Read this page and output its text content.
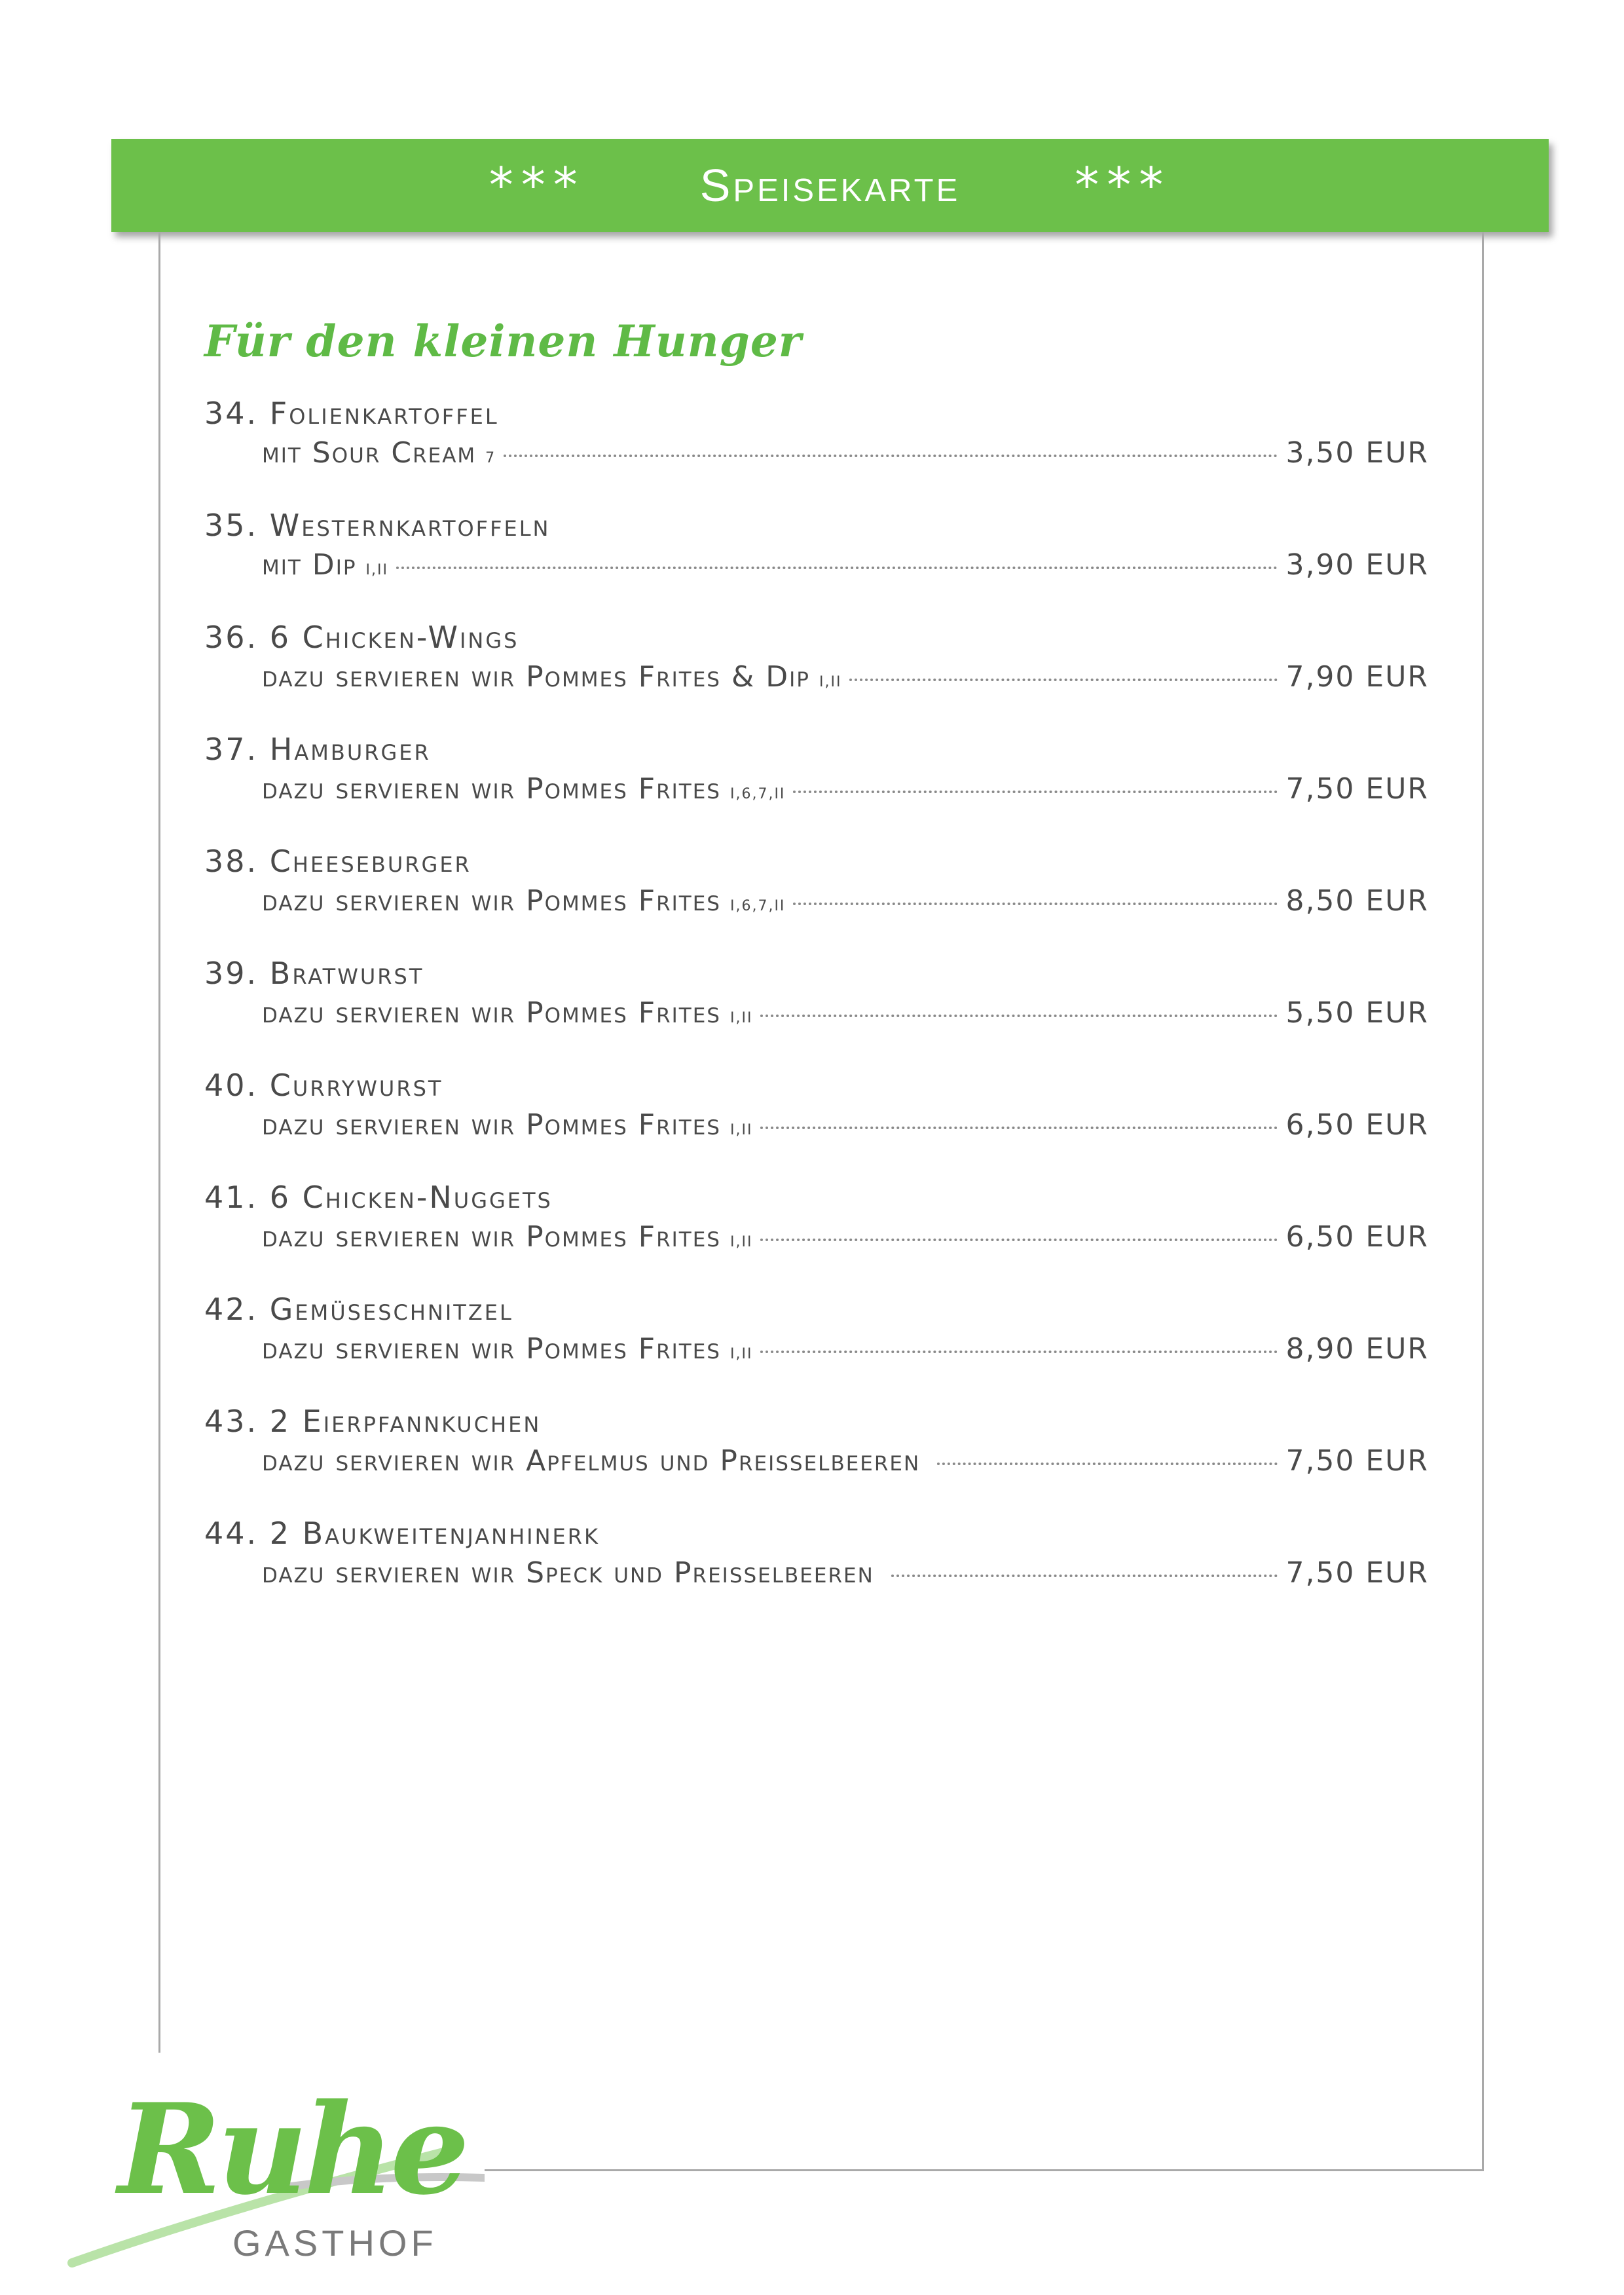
***	Speisekarte ***
Für den kleinen Hunger
34. Folienkartoffel
mit Sour Cream 7	3,50 EUR
35. Westernkartoffeln
mit Dip I,II	3,90 EUR
36. 6 Chicken-Wings
dazu servieren wir Pommes Frites & Dip I,II	7,90 EUR
37. Hamburger
dazu servieren wir Pommes Frites I,6,7,II	7,50 EUR
38. Cheeseburger
dazu servieren wir Pommes Frites I,6,7,II	8,50 EUR
39. Bratwurst
dazu servieren wir Pommes Frites I,II	5,50 EUR
40. Currywurst
dazu servieren wir Pommes Frites I,II	6,50 EUR
41. 6 Chicken-Nuggets
dazu servieren wir Pommes Frites I,II	6,50 EUR
42. Gemüseschnitzel
dazu servieren wir Pommes Frites I,II	8,90 EUR
43. 2 Eierpfannkuchen
dazu servieren wir Apfelmus und Preisselbeeren	7,50 EUR
44. 2 Baukweitenjanhinerk
dazu servieren wir Speck und Preisselbeeren	7,50 EUR
Ruhe
GASTHOF
